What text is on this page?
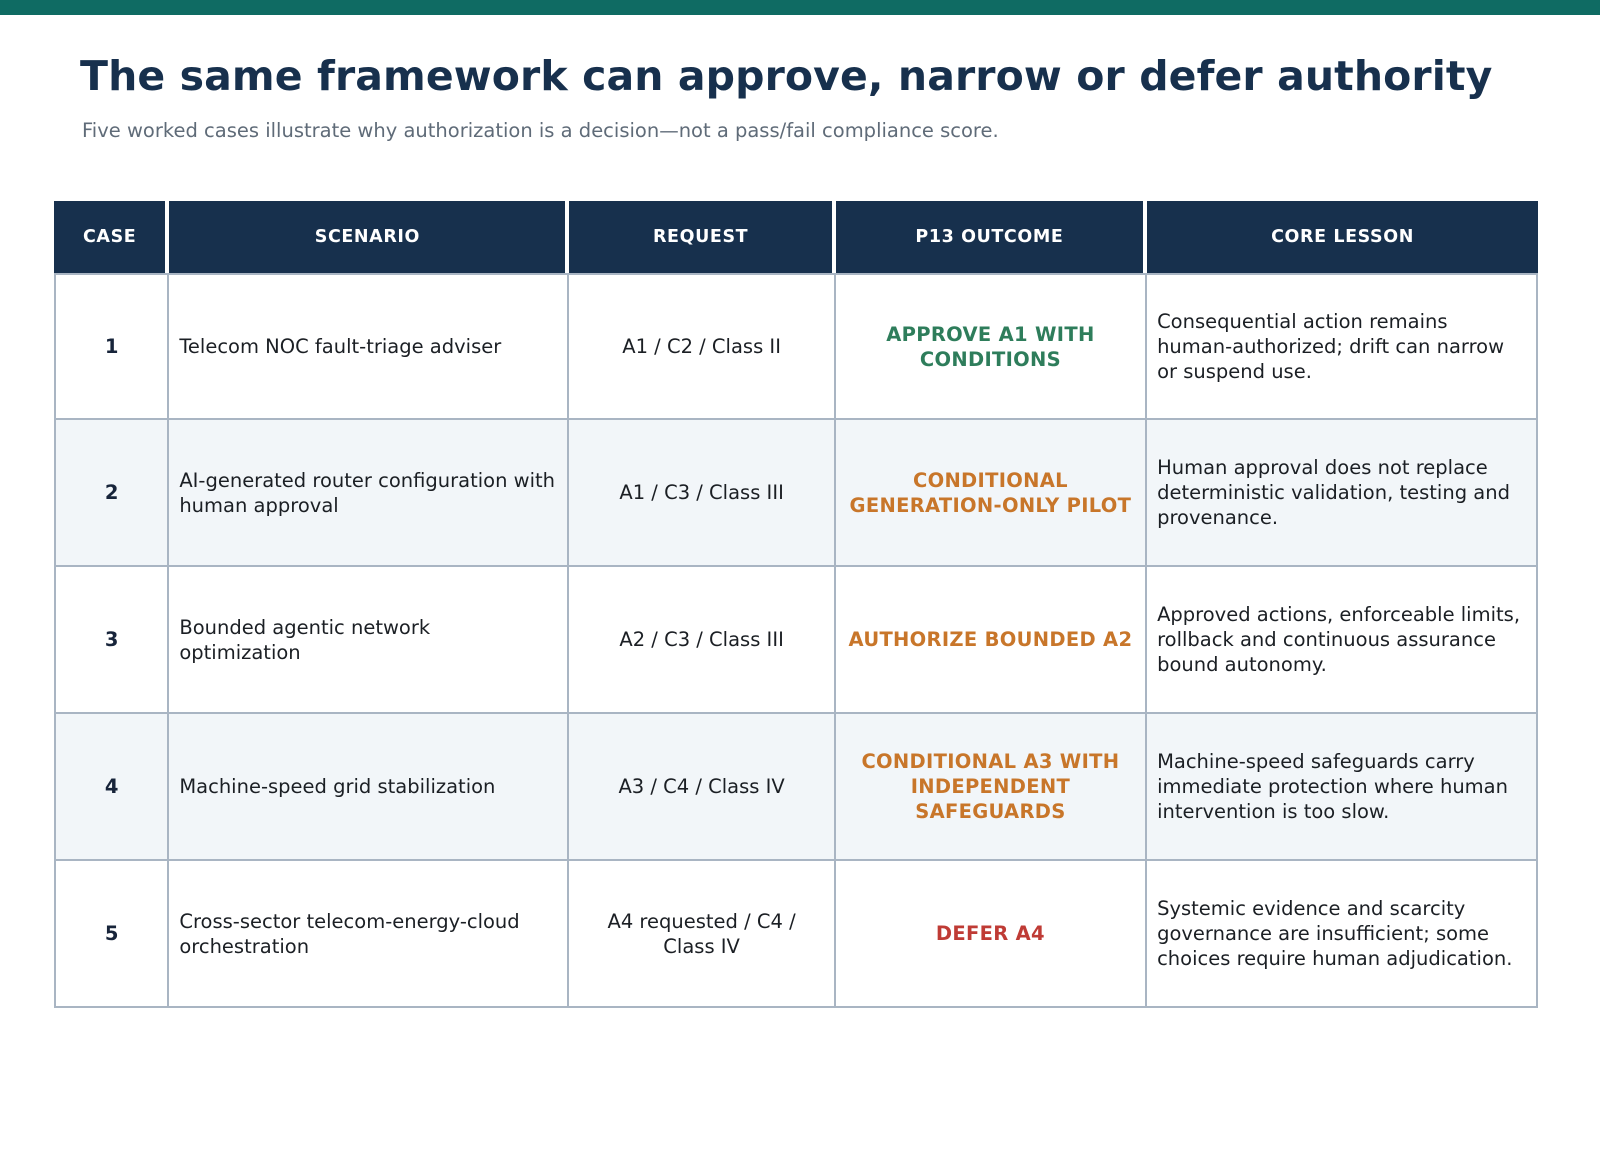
The same framework can approve, narrow or defer authority

Five worked cases illustrate why authorization is a decision—not a pass/fail compliance score.

CASE	SCENARIO	REQUEST	P13 OUTCOME	CORE LESSON
1	Telecom NOC fault-triage adviser	A1 / C2 / Class II	APPROVE A1 WITH CONDITIONS	Consequential action remains human-authorized; drift can narrow or suspend use.
2	AI-generated router configuration with human approval	A1 / C3 / Class III	CONDITIONAL GENERATION-ONLY PILOT	Human approval does not replace deterministic validation, testing and provenance.
3	Bounded agentic network optimization	A2 / C3 / Class III	AUTHORIZE BOUNDED A2	Approved actions, enforceable limits, rollback and continuous assurance bound autonomy.
4	Machine-speed grid stabilization	A3 / C4 / Class IV	CONDITIONAL A3 WITH INDEPENDENT SAFEGUARDS	Machine-speed safeguards carry immediate protection where human intervention is too slow.
5	Cross-sector telecom-energy-cloud orchestration	A4 requested / C4 / Class IV	DEFER A4	Systemic evidence and scarcity governance are insufficient; some choices require human adjudication.
